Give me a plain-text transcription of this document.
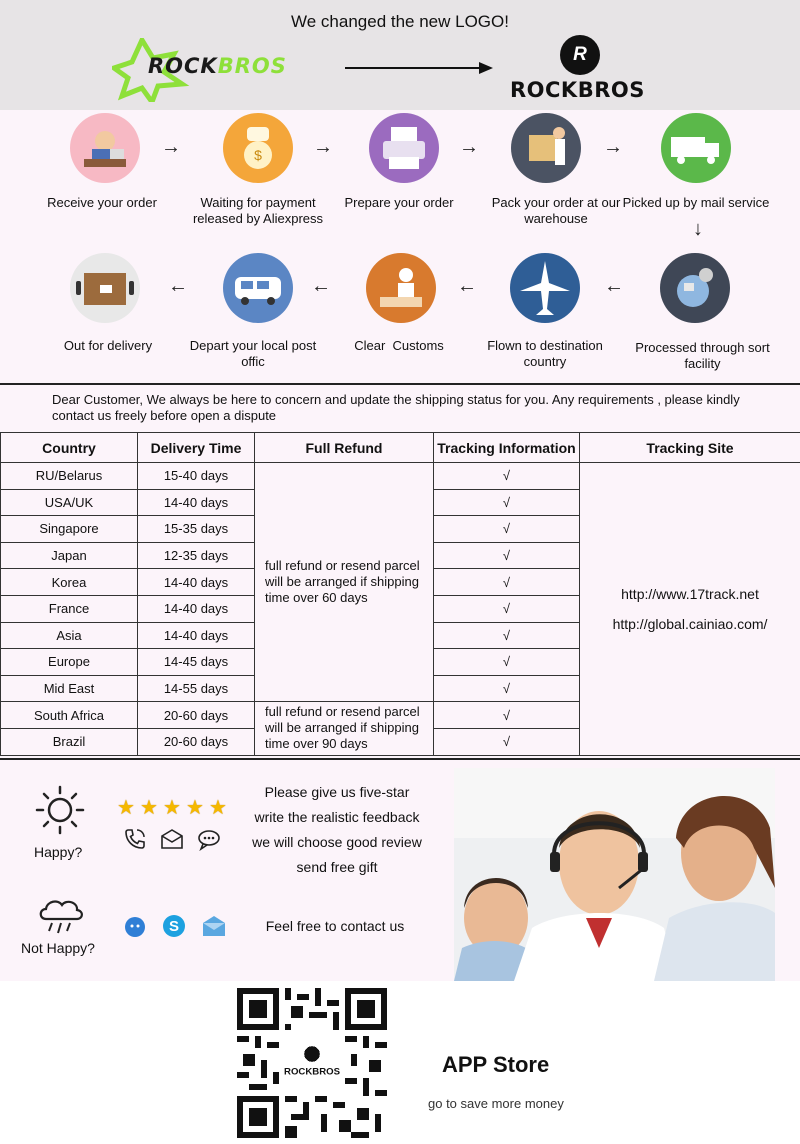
We changed the new LOGO!
ROCKBROS	R
ROCKBROS
$
→	→	→	→
↓
Receive your order	Waiting for payment released by Aliexpress
Prepare your order	Pack your order at our warehouse
Picked up by mail service
←	←	←	←
Out for delivery	Depart your local post offic
Clear  Customs	Flown to destination country
Processed through sort facility
Dear Customer, We always be here to concern and update the shipping status for you. Any requirements , please kindly contact us freely before open a dispute
Country	Delivery Time	Full Refund	Tracking Information	Tracking Site
RU/Belarus	15-40 days	full refund or resend parcel will be arranged if shipping time over 60 days	√	http://www.17track.net
http://global.cainiao.com/

USA/UK	14-40 days		√	
Singapore	15-35 days		√	
Japan	12-35 days		√	
Korea	14-40 days		√	
France	14-40 days		√	
Asia	14-40 days		√	
Europe	14-45 days		√	
Mid East	14-55 days		√	
South Africa	20-60 days	full refund or resend parcel will be arranged if shipping time over 90 days	√	
Brazil	20-60 days		√	
Happy?
★ ★ ★ ★ ★
Please give us five-star
write the realistic feedback
we will choose good review
send free gift
Not Happy?
S	Feel free to contact us
ROCKBROS	APP Store
go to save more money
